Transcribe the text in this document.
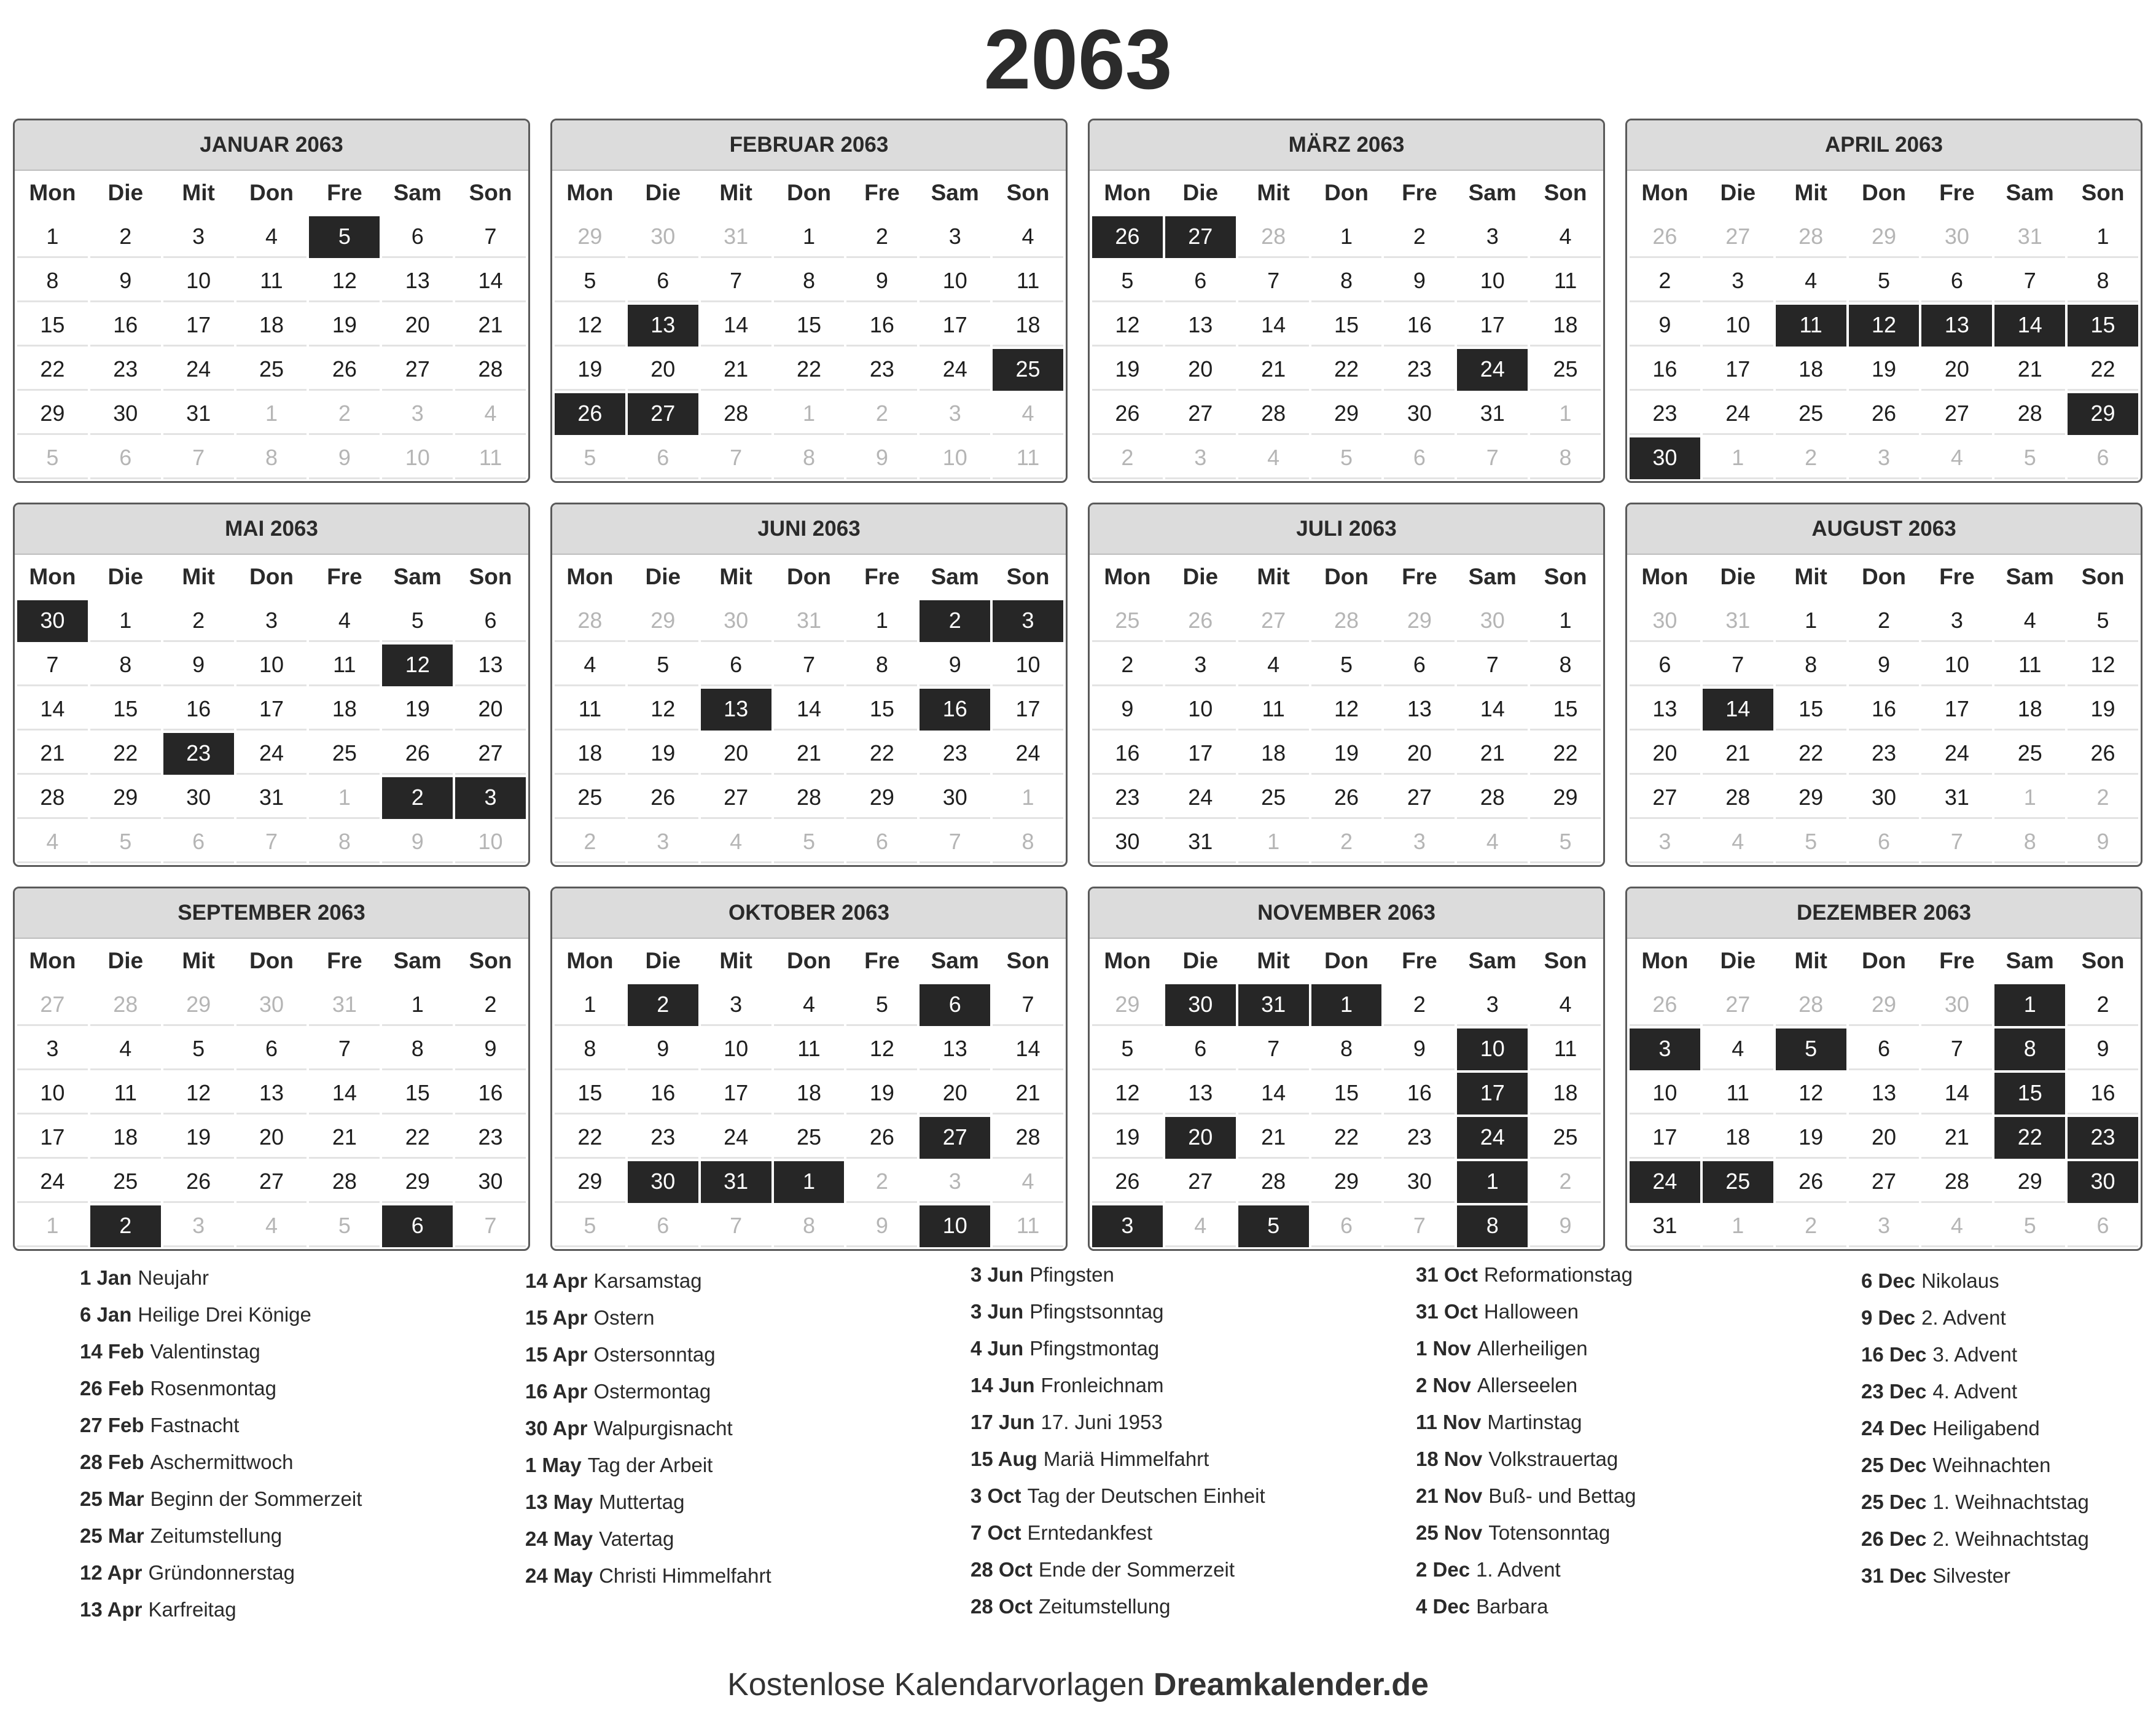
2063
JANUAR 2063
Mon	Die	Mit	Don	Fre	Sam	Son
1	2	3	4	5	6	7
8	9	10	11	12	13	14
15	16	17	18	19	20	21
22	23	24	25	26	27	28
29	30	31	1	2	3	4
5	6	7	8	9	10	11
FEBRUAR 2063
Mon	Die	Mit	Don	Fre	Sam	Son
29	30	31	1	2	3	4
5	6	7	8	9	10	11
12	13	14	15	16	17	18
19	20	21	22	23	24	25
26	27	28	1	2	3	4
5	6	7	8	9	10	11
MÄRZ 2063
Mon	Die	Mit	Don	Fre	Sam	Son
26	27	28	1	2	3	4
5	6	7	8	9	10	11
12	13	14	15	16	17	18
19	20	21	22	23	24	25
26	27	28	29	30	31	1
2	3	4	5	6	7	8
APRIL 2063
Mon	Die	Mit	Don	Fre	Sam	Son
26	27	28	29	30	31	1
2	3	4	5	6	7	8
9	10	11	12	13	14	15
16	17	18	19	20	21	22
23	24	25	26	27	28	29
30	1	2	3	4	5	6
MAI 2063
Mon	Die	Mit	Don	Fre	Sam	Son
30	1	2	3	4	5	6
7	8	9	10	11	12	13
14	15	16	17	18	19	20
21	22	23	24	25	26	27
28	29	30	31	1	2	3
4	5	6	7	8	9	10
JUNI 2063
Mon	Die	Mit	Don	Fre	Sam	Son
28	29	30	31	1	2	3
4	5	6	7	8	9	10
11	12	13	14	15	16	17
18	19	20	21	22	23	24
25	26	27	28	29	30	1
2	3	4	5	6	7	8
JULI 2063
Mon	Die	Mit	Don	Fre	Sam	Son
25	26	27	28	29	30	1
2	3	4	5	6	7	8
9	10	11	12	13	14	15
16	17	18	19	20	21	22
23	24	25	26	27	28	29
30	31	1	2	3	4	5
AUGUST 2063
Mon	Die	Mit	Don	Fre	Sam	Son
30	31	1	2	3	4	5
6	7	8	9	10	11	12
13	14	15	16	17	18	19
20	21	22	23	24	25	26
27	28	29	30	31	1	2
3	4	5	6	7	8	9
SEPTEMBER 2063
Mon	Die	Mit	Don	Fre	Sam	Son
27	28	29	30	31	1	2
3	4	5	6	7	8	9
10	11	12	13	14	15	16
17	18	19	20	21	22	23
24	25	26	27	28	29	30
1	2	3	4	5	6	7
OKTOBER 2063
Mon	Die	Mit	Don	Fre	Sam	Son
1	2	3	4	5	6	7
8	9	10	11	12	13	14
15	16	17	18	19	20	21
22	23	24	25	26	27	28
29	30	31	1	2	3	4
5	6	7	8	9	10	11
NOVEMBER 2063
Mon	Die	Mit	Don	Fre	Sam	Son
29	30	31	1	2	3	4
5	6	7	8	9	10	11
12	13	14	15	16	17	18
19	20	21	22	23	24	25
26	27	28	29	30	1	2
3	4	5	6	7	8	9
DEZEMBER 2063
Mon	Die	Mit	Don	Fre	Sam	Son
26	27	28	29	30	1	2
3	4	5	6	7	8	9
10	11	12	13	14	15	16
17	18	19	20	21	22	23
24	25	26	27	28	29	30
31	1	2	3	4	5	6
1 Jan Neujahr
6 Jan Heilige Drei Könige
14 Feb Valentinstag
26 Feb Rosenmontag
27 Feb Fastnacht
28 Feb Aschermittwoch
25 Mar Beginn der Sommerzeit
25 Mar Zeitumstellung
12 Apr Gründonnerstag
13 Apr Karfreitag
14 Apr Karsamstag
15 Apr Ostern
15 Apr Ostersonntag
16 Apr Ostermontag
30 Apr Walpurgisnacht
1 May Tag der Arbeit
13 May Muttertag
24 May Vatertag
24 May Christi Himmelfahrt
3 Jun Pfingsten
3 Jun Pfingstsonntag
4 Jun Pfingstmontag
14 Jun Fronleichnam
17 Jun 17. Juni 1953
15 Aug Mariä Himmelfahrt
3 Oct Tag der Deutschen Einheit
7 Oct Erntedankfest
28 Oct Ende der Sommerzeit
28 Oct Zeitumstellung
31 Oct Reformationstag
31 Oct Halloween
1 Nov Allerheiligen
2 Nov Allerseelen
11 Nov Martinstag
18 Nov Volkstrauertag
21 Nov Buß- und Bettag
25 Nov Totensonntag
2 Dec 1. Advent
4 Dec Barbara
6 Dec Nikolaus
9 Dec 2. Advent
16 Dec 3. Advent
23 Dec 4. Advent
24 Dec Heiligabend
25 Dec Weihnachten
25 Dec 1. Weihnachtstag
26 Dec 2. Weihnachtstag
31 Dec Silvester
Kostenlose Kalendarvorlagen Dreamkalender.de
